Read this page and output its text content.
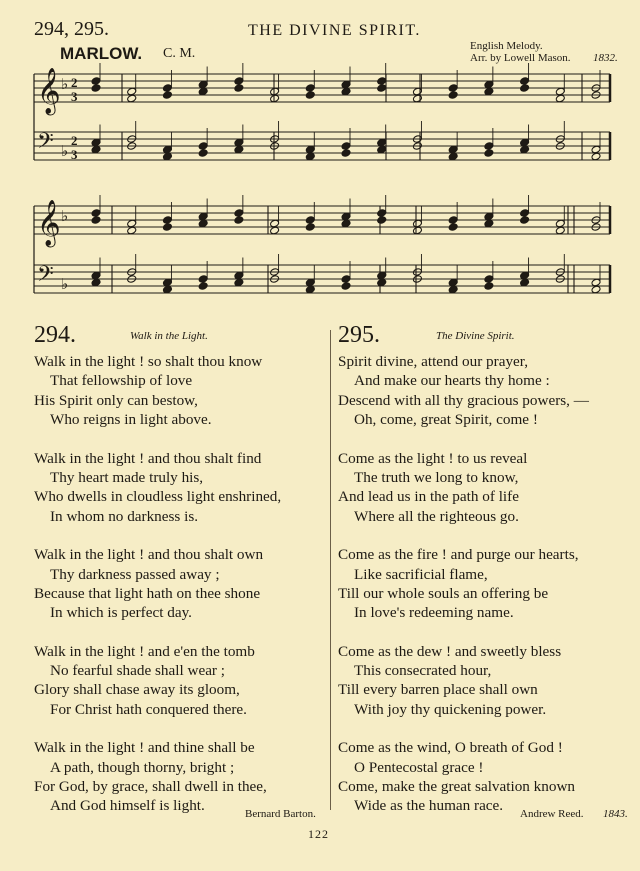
294, 295.	THE DIVINE SPIRIT.
MARLOW. C. M.	English Melody.
Arr. by Lowell Mason. 1832.
𝄞 ♭
3
2
𝄢 ♭ 3
2
𝄞 ♭
𝄢 ♭
294.	Walk in the Light.
Walk in the light ! so shalt thou know
That fellowship of love
His Spirit only can bestow,
Who reigns in light above.
Walk in the light ! and thou shalt find
Thy heart made truly his,
Who dwells in cloudless light enshrined,
In whom no darkness is.
Walk in the light ! and thou shalt own
Thy darkness passed away ;
Because that light hath on thee shone
In which is perfect day.
Walk in the light ! and e'en the tomb
No fearful shade shall wear ;
Glory shall chase away its gloom,
For Christ hath conquered there.
Walk in the light ! and thine shall be
A path, though thorny, bright ;
For God, by grace, shall dwell in thee,
And God himself is light.	Bernard Barton.
295.	The Divine Spirit.
Spirit divine, attend our prayer,
And make our hearts thy home :
Descend with all thy gracious powers, —
Oh, come, great Spirit, come !
Come as the light ! to us reveal
The truth we long to know,
And lead us in the path of life
Where all the righteous go.
Come as the fire ! and purge our hearts,
Like sacrificial flame,
Till our whole souls an offering be
In love's redeeming name.
Come as the dew ! and sweetly bless
This consecrated hour,
Till every barren place shall own
With joy thy quickening power.
Come as the wind, O breath of God !
O Pentecostal grace !
Come, make the great salvation known
Wide as the human race. Andrew Reed. 1843.
122
